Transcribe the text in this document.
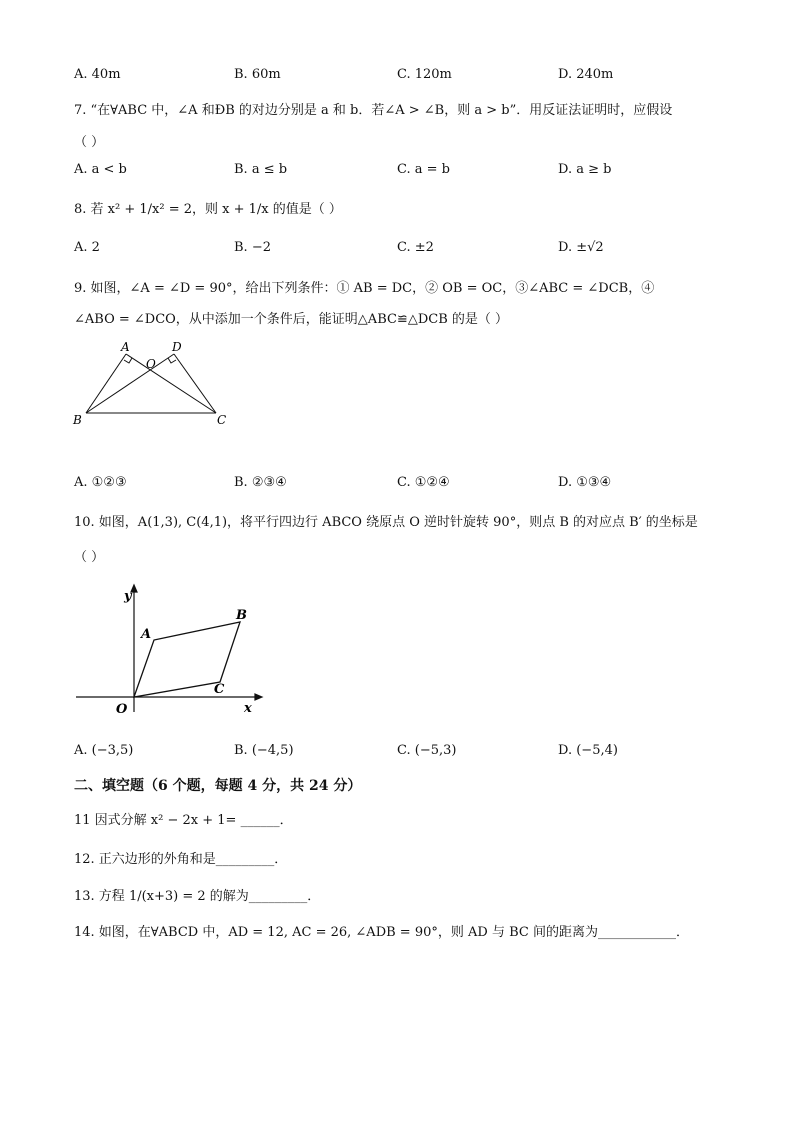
A. 40m	B. 60m	C. 120m	D. 240m
7. “在∀ABC 中，∠A 和ÐB 的对边分别是 a 和 b．若∠A > ∠B，则 a > b”．用反证法证明时，应假设
（ ）
A. a < b	B. a ≤ b	C. a = b	D. a ≥ b
8. 若 x² + 1/x² = 2，则 x + 1/x 的值是（ ）
A. 2	B. −2	C. ±2	D. ±√2
9. 如图，∠A = ∠D = 90°，给出下列条件：① AB = DC，② OB = OC，③∠ABC = ∠DCB，④
∠ABO = ∠DCO，从中添加一个条件后，能证明△ABC≌△DCB 的是（ ）
A
O
D
B	C
A. ①②③	B. ②③④	C. ①②④	D. ①③④
10. 如图，A(1,3), C(4,1)，将平行四边行 ABCO 绕原点 O 逆时针旋转 90°，则点 B 的对应点 B′ 的坐标是
（ ）
y
x
O
A
B
C
A. (−3,5)	B. (−4,5)	C. (−5,3)	D. (−5,4)
二、填空题（6 个题，每题 4 分，共 24 分）
11 因式分解 x² − 2x + 1= ______．
12. 正六边形的外角和是_________．
13. 方程 1/(x+3) = 2 的解为_________．
14. 如图，在∀ABCD 中，AD = 12, AC = 26, ∠ADB = 90°，则 AD 与 BC 间的距离为____________．
